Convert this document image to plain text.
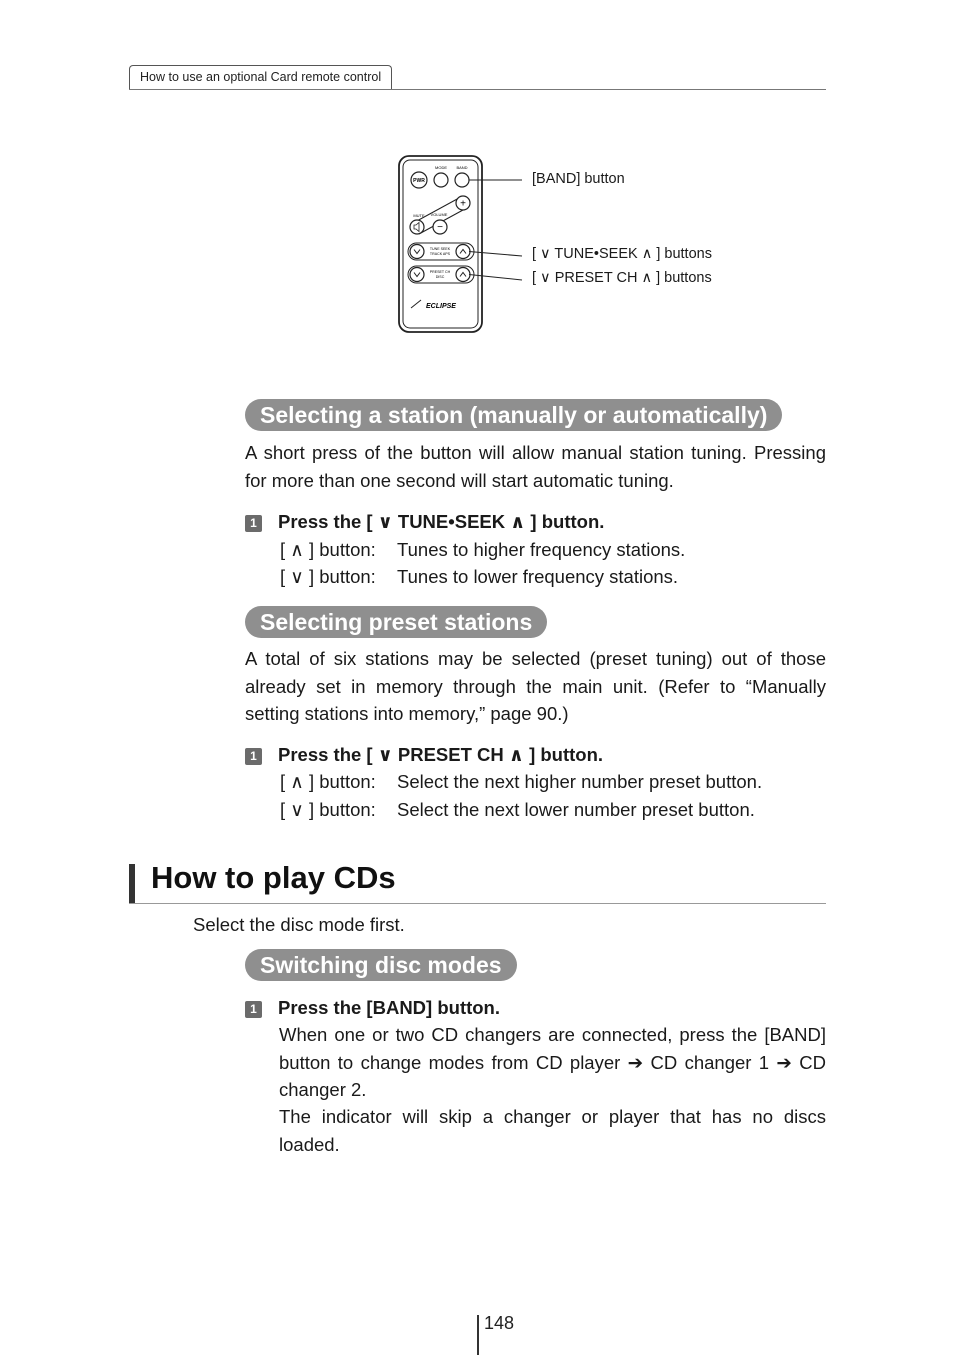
How to use an optional Card remote control
MODE BAND
PWR
+
−
VOLUME
MUTE
TUNE SEEK
TRACK APS
PRESET CH
DISC
ECLIPSE
[BAND] button
[ ∨ TUNE•SEEK ∧ ] buttons
[ ∨ PRESET CH ∧ ] buttons
Selecting a station (manually or automatically)
A short press of the button will allow manual station tuning. Pressing for more than one second will start automatic tuning.
1 Press the [ ∨ TUNE•SEEK ∧ ] button.
[ ∧ ] button: Tunes to higher frequency stations.
[ ∨ ] button: Tunes to lower frequency stations.
Selecting preset stations
A total of six stations may be selected (preset tuning) out of those already set in memory through the main unit. (Refer to “Manually setting stations into memory,” page 90.)
1 Press the [ ∨ PRESET CH ∧ ] button.
[ ∧ ] button: Select the next higher number preset button.
[ ∨ ] button: Select the next lower number preset button.
How to play CDs
Select the disc mode first.
Switching disc modes
1 Press the [BAND] button.
When one or two CD changers are connected, press the [BAND] button to change modes from CD player ➔ CD changer 1 ➔ CD changer 2.
The indicator will skip a changer or player that has no discs loaded.
148
